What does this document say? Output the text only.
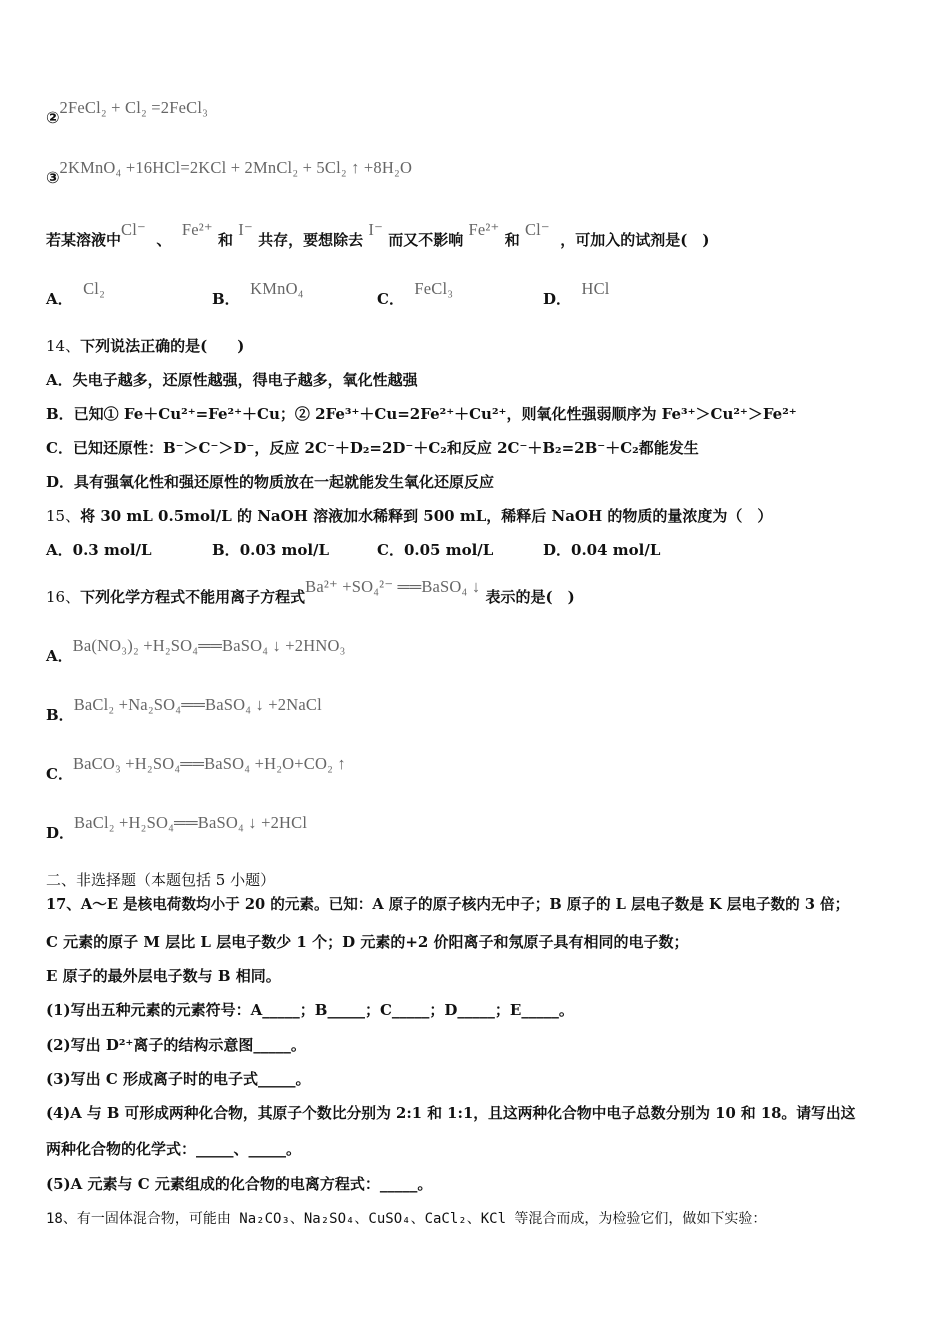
②2FeCl₂ + Cl₂ =2FeCl₃
③2KMnO₄ +16HCl=2KCl + 2MnCl₂ + 5Cl₂ ↑ +8H₂O
若某溶液中Cl⁻  、  Fe²⁺ 和 I⁻ 共存，要想除去 I⁻ 而又不影响 Fe²⁺ 和 Cl⁻  ，可加入的试剂是(　)
A．  Cl₂
B．  KMnO₄
C．  FeCl₃
D．  HCl
14、下列说法正确的是(　　)
A．失电子越多，还原性越强，得电子越多，氧化性越强
B．已知① Fe＋Cu²⁺=Fe²⁺＋Cu；② 2Fe³⁺＋Cu=2Fe²⁺＋Cu²⁺，则氧化性强弱顺序为 Fe³⁺＞Cu²⁺＞Fe²⁺
C．已知还原性：B⁻＞C⁻＞D⁻，反应 2C⁻＋D₂=2D⁻＋C₂和反应 2C⁻＋B₂=2B⁻＋C₂都能发生
D．具有强氧化性和强还原性的物质放在一起就能发生氧化还原反应
15、将 30 mL 0.5mol/L 的 NaOH 溶液加水稀释到 500 mL，稀释后 NaOH 的物质的量浓度为（　）
A．0.3 mol/L	B．0.03 mol/L	C．0.05 mol/L	D．0.04 mol/L
16、下列化学方程式不能用离子方程式Ba²⁺ +SO₄²⁻ ══BaSO₄ ↓ 表示的是(　)
A．Ba(NO₃)₂ +H₂SO₄══BaSO₄ ↓ +2HNO₃
B．BaCl₂ +Na₂SO₄══BaSO₄ ↓ +2NaCl
C．BaCO₃ +H₂SO₄══BaSO₄ +H₂O+CO₂ ↑
D．BaCl₂ +H₂SO₄══BaSO₄ ↓ +2HCl
二、非选择题（本题包括 5 小题）
17、A～E 是核电荷数均小于 20 的元素。已知：A 原子的原子核内无中子；B 原子的 L 层电子数是 K 层电子数的 3 倍；
C 元素的原子 M 层比 L 层电子数少 1 个；D 元素的+2 价阳离子和氖原子具有相同的电子数；
E 原子的最外层电子数与 B 相同。
(1)写出五种元素的元素符号：A_____；B_____；C_____；D_____；E_____。
(2)写出 D²⁺离子的结构示意图_____。
(3)写出 C 形成离子时的电子式_____。
(4)A 与 B 可形成两种化合物，其原子个数比分别为 2:1 和 1:1，且这两种化合物中电子总数分别为 10 和 18。请写出这
两种化合物的化学式：_____、_____。
(5)A 元素与 C 元素组成的化合物的电离方程式：_____。
18、有一固体混合物，可能由 Na₂CO₃、Na₂SO₄、CuSO₄、CaCl₂、KCl 等混合而成，为检验它们，做如下实验：
